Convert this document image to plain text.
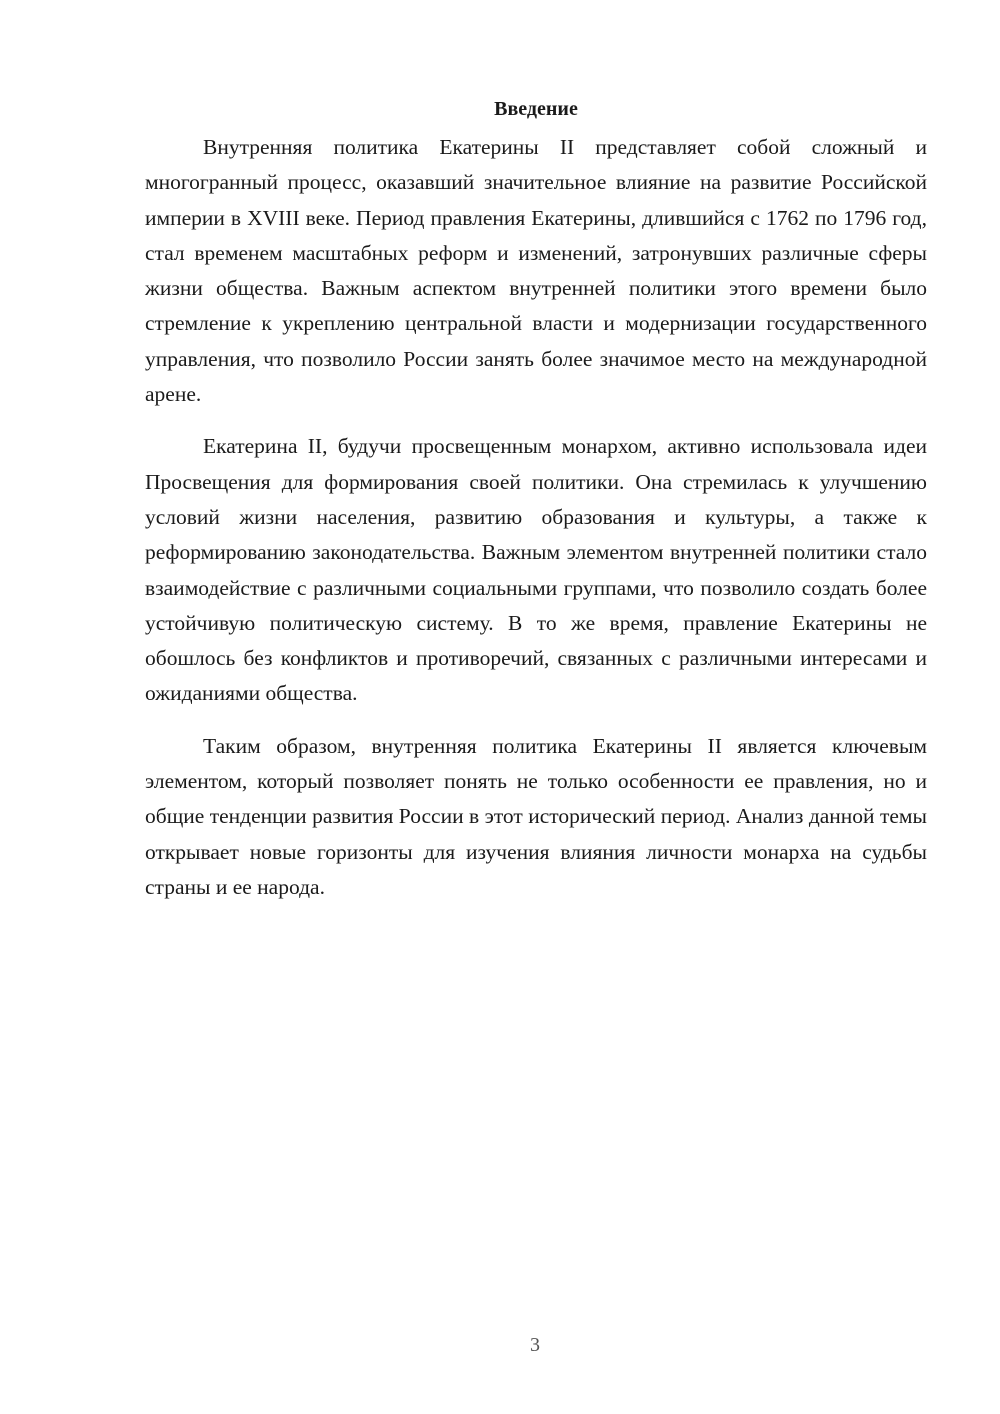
Введение

Внутренняя политика Екатерины II представляет собой сложный и многогранный процесс, оказавший значительное влияние на развитие Российской империи в XVIII веке. Период правления Екатерины, длившийся с 1762 по 1796 год, стал временем масштабных реформ и изменений, затронувших различные сферы жизни общества. Важным аспектом внутренней политики этого времени было стремление к укреплению центральной власти и модернизации государственного управления, что позволило России занять более значимое место на международной арене.

Екатерина II, будучи просвещенным монархом, активно использовала идеи Просвещения для формирования своей политики. Она стремилась к улучшению условий жизни населения, развитию образования и культуры, а также к реформированию законодательства. Важным элементом внутренней политики стало взаимодействие с различными социальными группами, что позволило создать более устойчивую политическую систему. В то же время, правление Екатерины не обошлось без конфликтов и противоречий, связанных с различными интересами и ожиданиями общества.

Таким образом, внутренняя политика Екатерины II является ключевым элементом, который позволяет понять не только особенности ее правления, но и общие тенденции развития России в этот исторический период. Анализ данной темы открывает новые горизонты для изучения влияния личности монарха на судьбы страны и ее народа.

3
